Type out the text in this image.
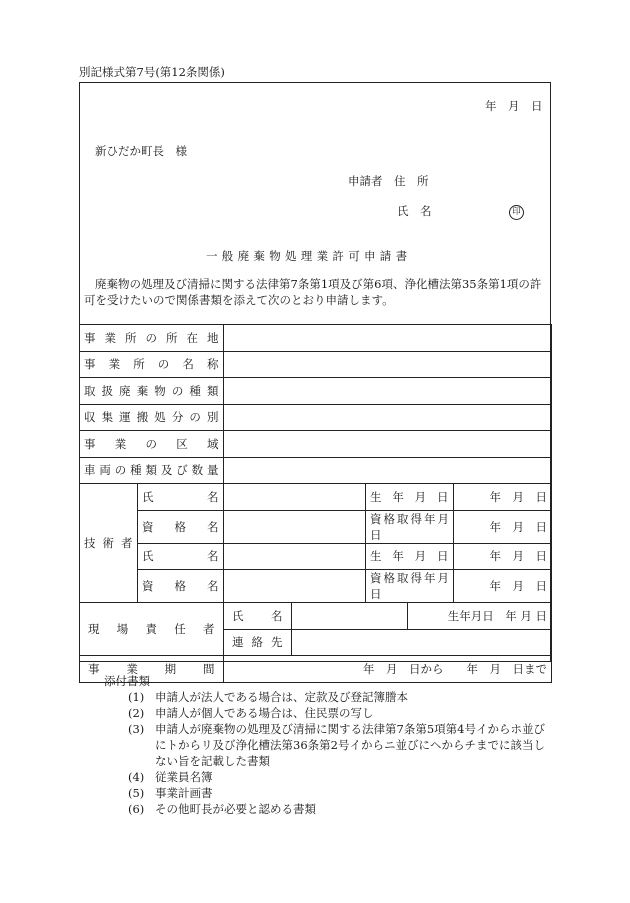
別記様式第7号(第12条関係)
年　月　日
新ひだか町長　様
申請者　住　所
氏　名	印
一般廃棄物処理業許可申請書
廃棄物の処理及び清掃に関する法律第7条第1項及び第6項、浄化槽法第35条第1項の許可を受けたいので関係書類を添えて次のとおり申請します。
事業所の所在地						
事業所の名称						
取扱廃棄物の種類						
収集運搬処分の別						
事業の区域						
車両の種類及び数量						
技術者	氏名			生年月日		年　月　日
	資格名			資格取得年月日		年　月　日
	氏名			生年月日		年　月　日
	資格名			資格取得年月日		年　月　日
現場責任者		氏名			生年月日　年 月 日	
		連絡先				
事業期間		年　月　日から　　年　月　日まで				
添付書類
(1) 申請人が法人である場合は、定款及び登記簿謄本
(2) 申請人が個人である場合は、住民票の写し
(3) 申請人が廃棄物の処理及び清掃に関する法律第7条第5項第4号イからホ並びにトからリ及び浄化槽法第36条第2号イからニ並びにヘからチまでに該当しない旨を記載した書類
(4) 従業員名簿
(5) 事業計画書
(6) その他町長が必要と認める書類
